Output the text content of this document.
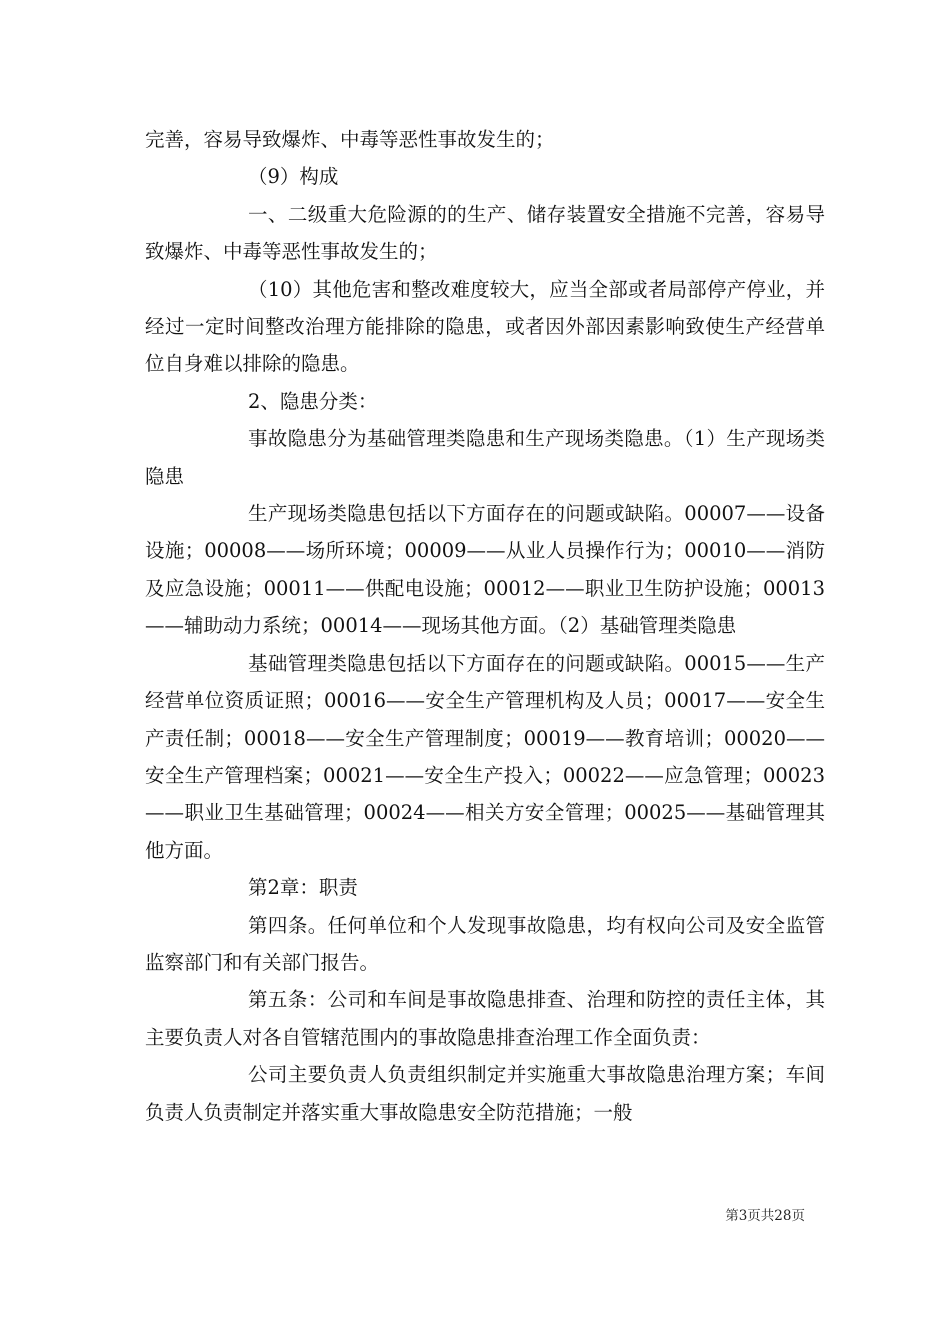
完善，容易导致爆炸、中毒等恶性事故发生的；

（9）构成

一、二级重大危险源的的生产、储存装置安全措施不完善，容易导致爆炸、中毒等恶性事故发生的；

（10）其他危害和整改难度较大，应当全部或者局部停产停业，并经过一定时间整改治理方能排除的隐患，或者因外部因素影响致使生产经营单位自身难以排除的隐患。

2、隐患分类：

事故隐患分为基础管理类隐患和生产现场类隐患。（1）生产现场类隐患

生产现场类隐患包括以下方面存在的问题或缺陷。00007——设备设施；00008——场所环境；00009——从业人员操作行为；00010——消防及应急设施；00011——供配电设施；00012——职业卫生防护设施；00013——辅助动力系统；00014——现场其他方面。（2）基础管理类隐患

基础管理类隐患包括以下方面存在的问题或缺陷。00015——生产经营单位资质证照；00016——安全生产管理机构及人员；00017——安全生产责任制；00018——安全生产管理制度；00019——教育培训；00020——安全生产管理档案；00021——安全生产投入；00022——应急管理；00023——职业卫生基础管理；00024——相关方安全管理；00025——基础管理其他方面。

第2章：职责

第四条。任何单位和个人发现事故隐患，均有权向公司及安全监管监察部门和有关部门报告。

第五条：公司和车间是事故隐患排查、治理和防控的责任主体，其主要负责人对各自管辖范围内的事故隐患排查治理工作全面负责：

公司主要负责人负责组织制定并实施重大事故隐患治理方案；车间负责人负责制定并落实重大事故隐患安全防范措施；一般

第3页共28页
